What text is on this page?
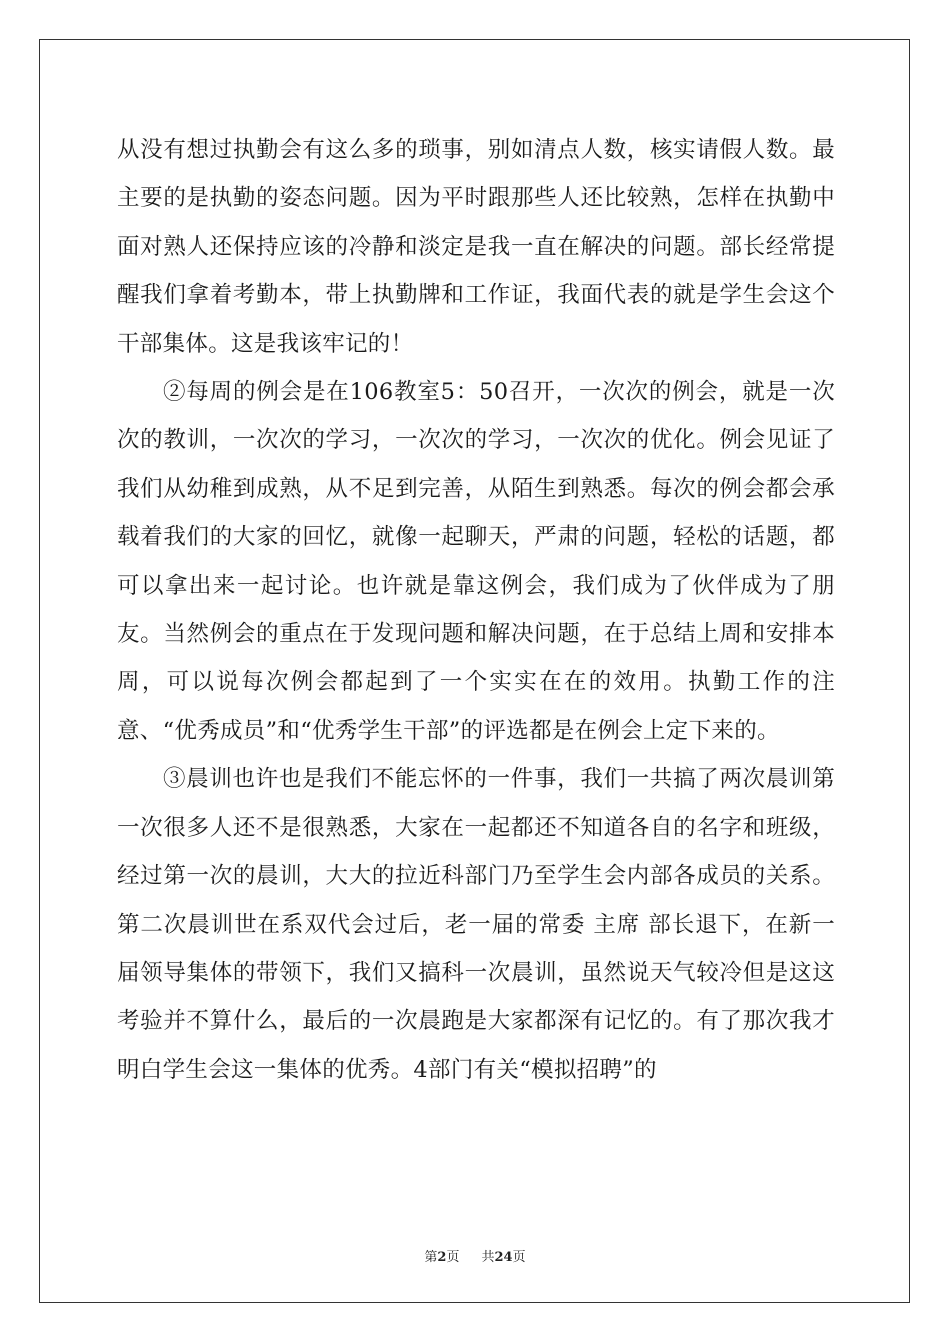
从没有想过执勤会有这么多的琐事，别如清点人数，核实请假人数。最主要的是执勤的姿态问题。因为平时跟那些人还比较熟，怎样在执勤中面对熟人还保持应该的冷静和淡定是我一直在解决的问题。部长经常提醒我们拿着考勤本，带上执勤牌和工作证，我面代表的就是学生会这个干部集体。这是我该牢记的！

②每周的例会是在106教室5：50召开，一次次的例会，就是一次次的教训，一次次的学习，一次次的学习，一次次的优化。例会见证了我们从幼稚到成熟，从不足到完善，从陌生到熟悉。每次的例会都会承载着我们的大家的回忆，就像一起聊天，严肃的问题，轻松的话题，都可以拿出来一起讨论。也许就是靠这例会，我们成为了伙伴成为了朋友。当然例会的重点在于发现问题和解决问题，在于总结上周和安排本周，可以说每次例会都起到了一个实实在在的效用。执勤工作的注意、“优秀成员”和“优秀学生干部”的评选都是在例会上定下来的。

③晨训也许也是我们不能忘怀的一件事，我们一共搞了两次晨训第一次很多人还不是很熟悉，大家在一起都还不知道各自的名字和班级，经过第一次的晨训，大大的拉近科部门乃至学生会内部各成员的关系。第二次晨训世在系双代会过后，老一届的常委 主席 部长退下，在新一届领导集体的带领下，我们又搞科一次晨训，虽然说天气较冷但是这这考验并不算什么，最后的一次晨跑是大家都深有记忆的。有了那次我才明白学生会这一集体的优秀。4部门有关“模拟招聘”的

第2页 共24页
